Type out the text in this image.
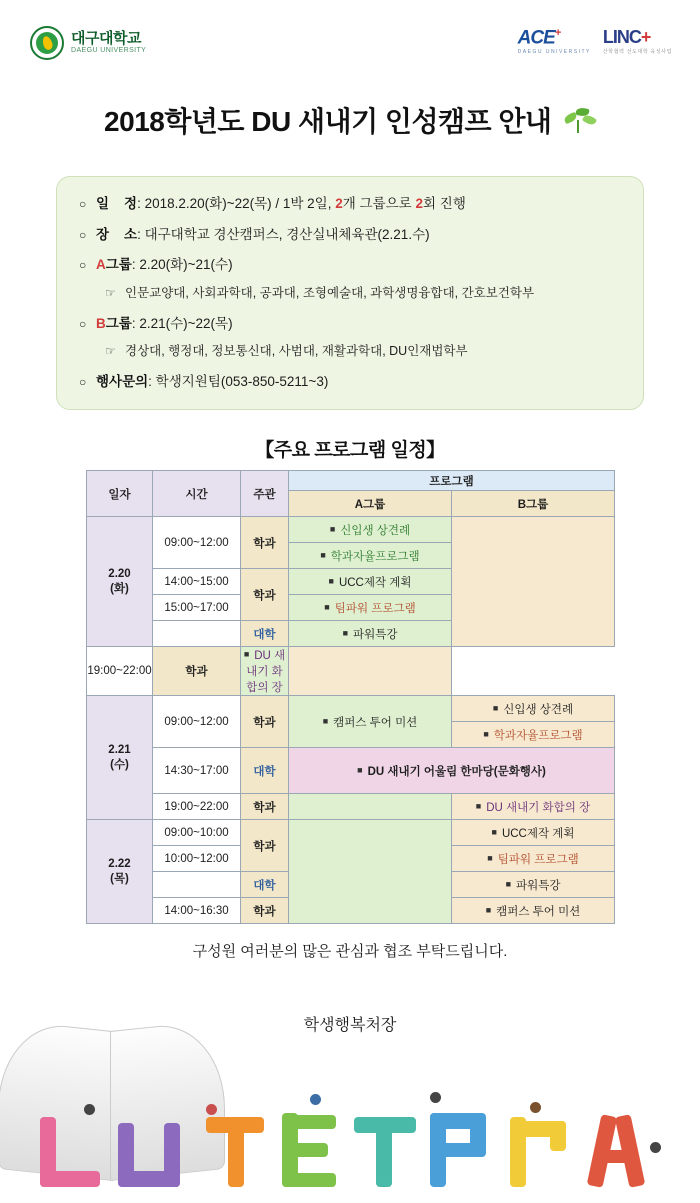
대구대학교
DAEGU UNIVERSITY
ACE+
DAEGU UNIVERSITY
LINC+
산학협력 선도대학 육성사업
2018학년도 DU 새내기 인성캠프 안내
○ 일    정 : 2018.2.20(화)~22(목) / 1박 2일, 2개 그룹으로 2회 진행
○ 장    소 : 대구대학교 경산캠퍼스, 경산실내체육관(2.21.수)
○ A그룹 : 2.20(화)~21(수)
☞ 인문교양대, 사회과학대, 공과대, 조형예술대, 과학생명융합대, 간호보건학부
○ B그룹 : 2.21(수)~22(목)
☞ 경상대, 행정대, 정보통신대, 사범대, 재활과학대, DU인재법학부
○ 행사문의 : 학생지원팀(053-850-5211~3)
【주요 프로그램 일정】
일자	시간	주관	프로그램	
			A그룹	B그룹
2.20
(화)	09:00~12:00	학과	■ 신입생 상견례	
			■ 학과자율프로그램	
	14:00~15:00	학과	■ UCC제작 계획	
	15:00~17:00		■ 팀파워 프로그램	
		대학	■ 파워특강	
19:00~22:00	학과	■ DU 새내기 화합의 장		
2.21
(수)	09:00~12:00	학과	■ 캠퍼스 투어 미션	■ 신입생 상견례
				■ 학과자율프로그램
	14:30~17:00	대학	■ DU 새내기 어울림 한마당(문화행사)	
	19:00~22:00	학과		■ DU 새내기 화합의 장
2.22
(목)	09:00~10:00	학과		■ UCC제작 계획
	10:00~12:00			■ 팀파워 프로그램
		대학		■ 파워특강
	14:00~16:30	학과		■ 캠퍼스 투어 미션
구성원 여러분의 많은 관심과 협조 부탁드립니다.
학생행복처장
